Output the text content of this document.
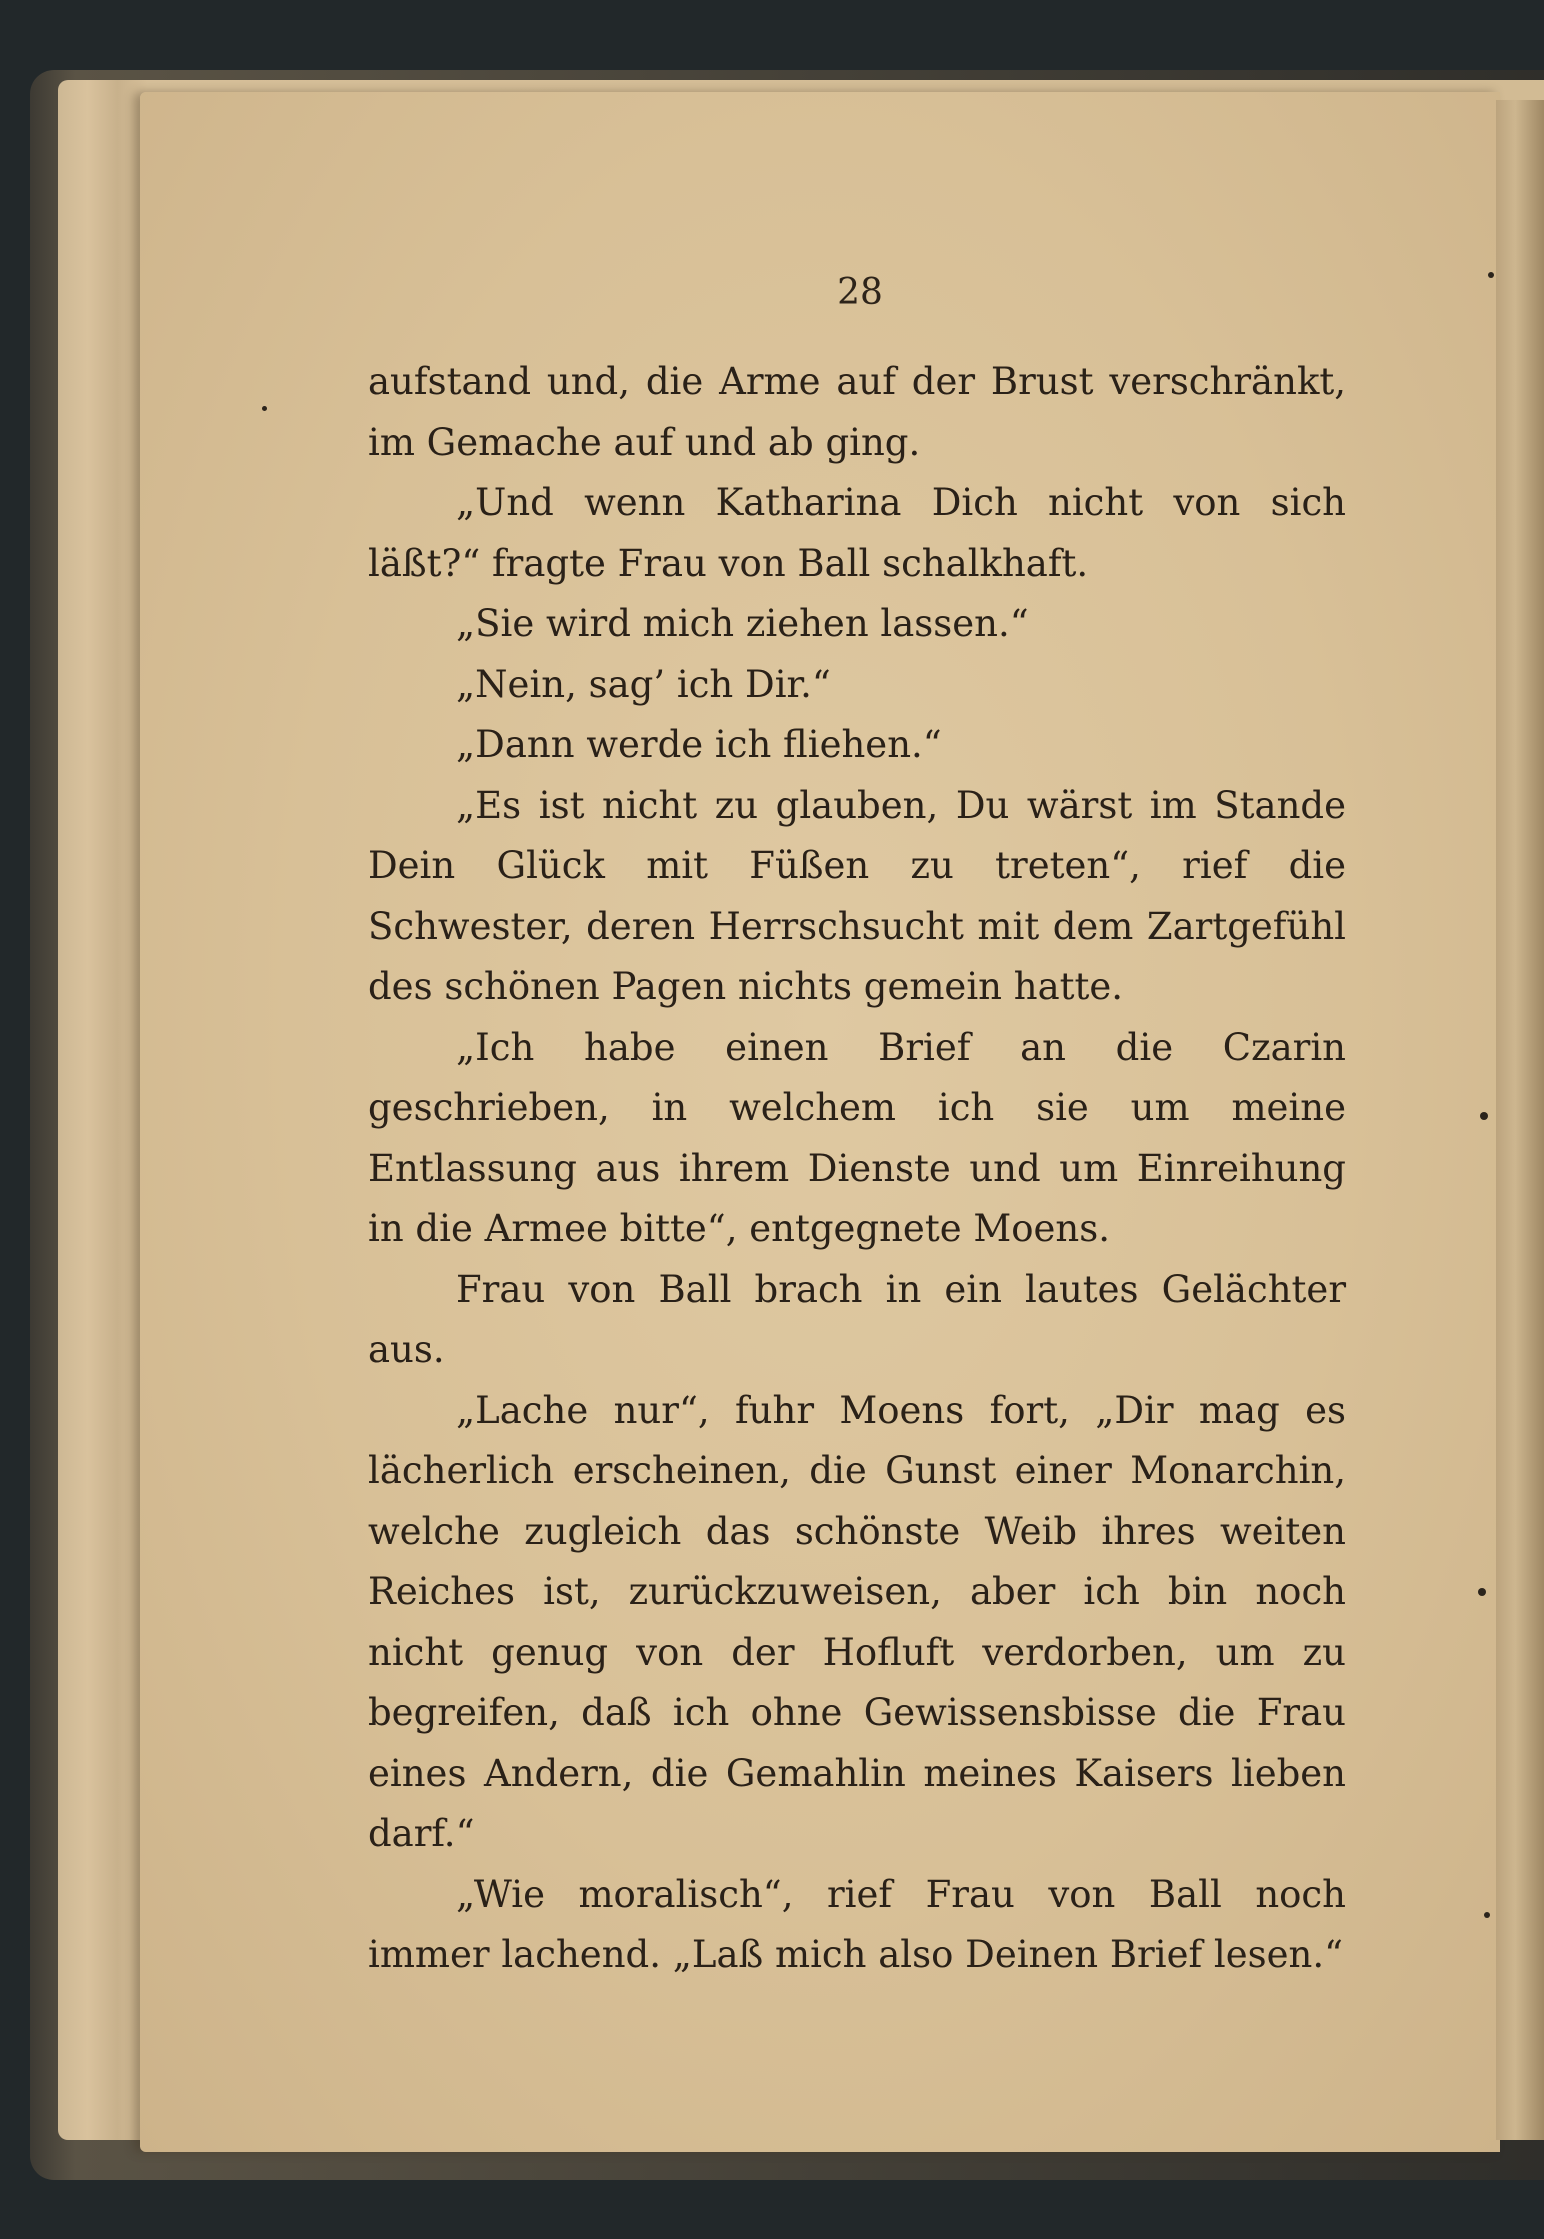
28

aufstand und, die Arme auf der Brust verschränkt, im Gemache auf und ab ging.

„Und wenn Katharina Dich nicht von sich läßt?“ fragte Frau von Ball schalkhaft.

„Sie wird mich ziehen lassen.“

„Nein, sag’ ich Dir.“

„Dann werde ich fliehen.“

„Es ist nicht zu glauben, Du wärst im Stande Dein Glück mit Füßen zu treten“, rief die Schwester, deren Herrschsucht mit dem Zartgefühl des schönen Pagen nichts gemein hatte.

„Ich habe einen Brief an die Czarin geschrieben, in welchem ich sie um meine Entlassung aus ihrem Dienste und um Einreihung in die Armee bitte“, entgegnete Moens.

Frau von Ball brach in ein lautes Gelächter aus.

„Lache nur“, fuhr Moens fort, „Dir mag es lächerlich erscheinen, die Gunst einer Monarchin, welche zugleich das schönste Weib ihres weiten Reiches ist, zurückzuweisen, aber ich bin noch nicht genug von der Hofluft verdorben, um zu begreifen, daß ich ohne Gewissensbisse die Frau eines Andern, die Gemahlin meines Kaisers lieben darf.“

„Wie moralisch“, rief Frau von Ball noch immer lachend. „Laß mich also Deinen Brief lesen.“
